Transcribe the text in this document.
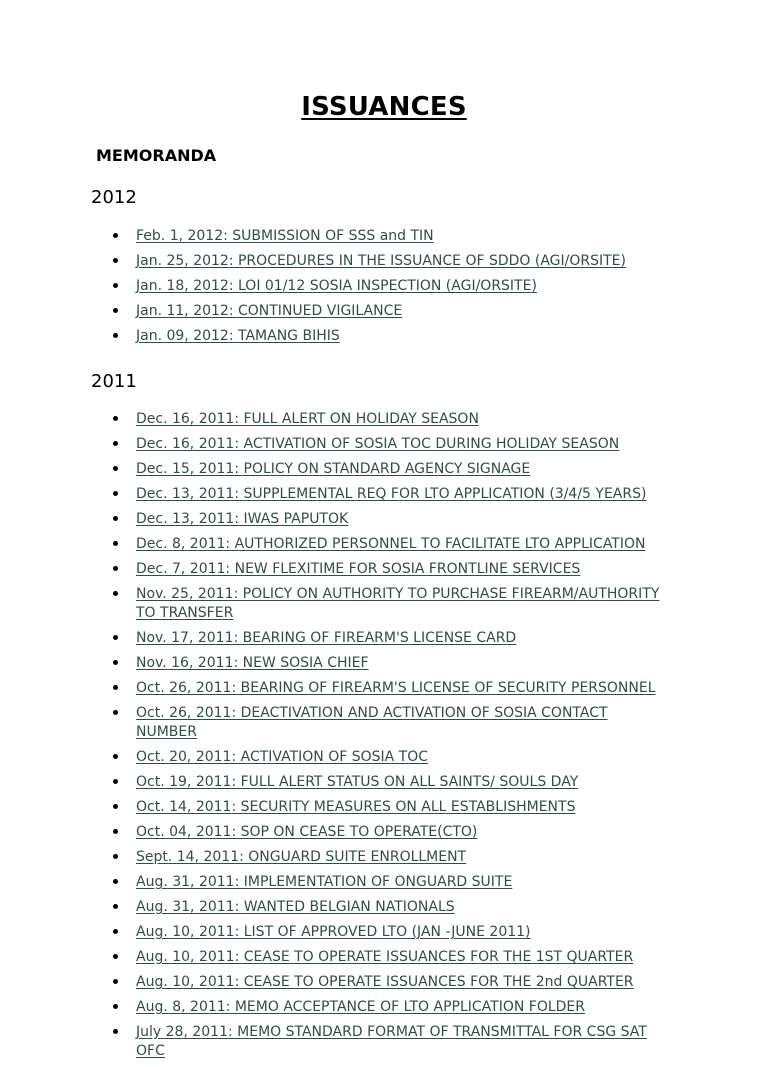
ISSUANCES
MEMORANDA
2012
Feb. 1, 2012: SUBMISSION OF SSS and TIN
Jan. 25, 2012: PROCEDURES IN THE ISSUANCE OF SDDO (AGI/ORSITE)
Jan. 18, 2012: LOI 01/12 SOSIA INSPECTION (AGI/ORSITE)
Jan. 11, 2012: CONTINUED VIGILANCE
Jan. 09, 2012: TAMANG BIHIS
2011
Dec. 16, 2011: FULL ALERT ON HOLIDAY SEASON
Dec. 16, 2011: ACTIVATION OF SOSIA TOC DURING HOLIDAY SEASON
Dec. 15, 2011: POLICY ON STANDARD AGENCY SIGNAGE
Dec. 13, 2011: SUPPLEMENTAL REQ FOR LTO APPLICATION (3/4/5 YEARS)
Dec. 13, 2011: IWAS PAPUTOK
Dec. 8, 2011: AUTHORIZED PERSONNEL TO FACILITATE LTO APPLICATION
Dec. 7, 2011: NEW FLEXITIME FOR SOSIA FRONTLINE SERVICES
Nov. 25, 2011: POLICY ON AUTHORITY TO PURCHASE FIREARM/AUTHORITY TO TRANSFER
Nov. 17, 2011: BEARING OF FIREARM'S LICENSE CARD
Nov. 16, 2011: NEW SOSIA CHIEF
Oct. 26, 2011: BEARING OF FIREARM'S LICENSE OF SECURITY PERSONNEL
Oct. 26, 2011: DEACTIVATION AND ACTIVATION OF SOSIA CONTACT NUMBER
Oct. 20, 2011: ACTIVATION OF SOSIA TOC
Oct. 19, 2011: FULL ALERT STATUS ON ALL SAINTS/ SOULS DAY
Oct. 14, 2011: SECURITY MEASURES ON ALL ESTABLISHMENTS
Oct. 04, 2011: SOP ON CEASE TO OPERATE(CTO)
Sept. 14, 2011: ONGUARD SUITE ENROLLMENT
Aug. 31, 2011: IMPLEMENTATION OF ONGUARD SUITE
Aug. 31, 2011: WANTED BELGIAN NATIONALS
Aug. 10, 2011: LIST OF APPROVED LTO (JAN -JUNE 2011)
Aug. 10, 2011: CEASE TO OPERATE ISSUANCES FOR THE 1ST QUARTER
Aug. 10, 2011: CEASE TO OPERATE ISSUANCES FOR THE 2nd QUARTER
Aug. 8, 2011: MEMO ACCEPTANCE OF LTO APPLICATION FOLDER
July 28, 2011: MEMO STANDARD FORMAT OF TRANSMITTAL FOR CSG SAT OFC
